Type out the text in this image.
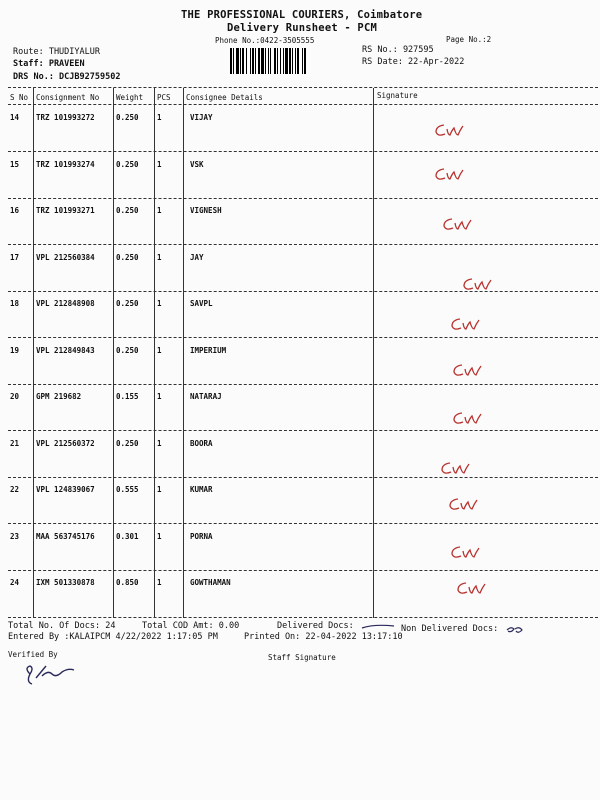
THE PROFESSIONAL COURIERS, Coimbatore
Delivery Runsheet - PCM
Phone No.:0422-3505555	Page No.:2
Route: THUDIYALUR
Staff: PRAVEEN
DRS No.: DCJB92759502
RS No.: 927595
RS Date: 22-Apr-2022
S No Consignment No Weight PCS Consignee Details	Signature
14 TRZ 101993272	0.250 1	VIJAY
15 TRZ 101993274	0.250 1	VSK
16 TRZ 101993271	0.250 1	VIGNESH
17 VPL 212560384	0.250 1	JAY
18 VPL 212848908	0.250 1	SAVPL
19 VPL 212849843	0.250 1	IMPERIUM
20 GPM 219682	0.155 1	NATARAJ
21 VPL 212560372	0.250 1	BOORA
22 VPL 124839067	0.555 1	KUMAR
23 MAA 563745176	0.301 1	PORNA
24 IXM 501330878	0.850 1	GOWTHAMAN
Total No. Of Docs: 24	Total COD Amt: 0.00	Delivered Docs:	Non Delivered Docs:
Entered By :KALAIPCM 4/22/2022 1:17:05 PM	Printed On: 22-04-2022 13:17:10
Verified By	Staff Signature
